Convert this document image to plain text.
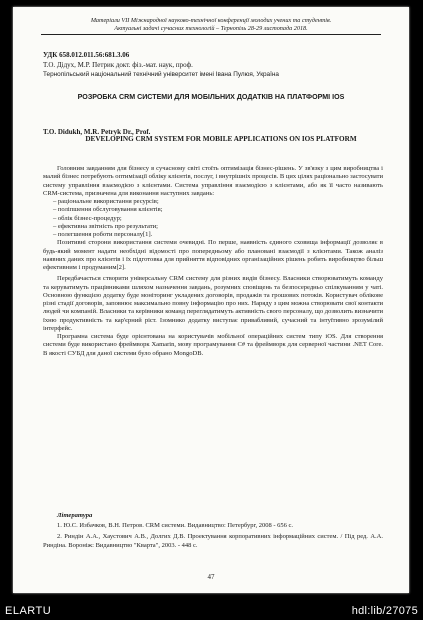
Матеріали VII Міжнародної науково-технічної конференції молодих учених та студентів.
Актуальні задачі сучасних технологій – Тернопіль 28-29 листопада 2018.
УДК 658.012.011.56:681.3.06
Т.О. Дідух, М.Р. Петрик докт. фіз.-мат. наук, проф.
Тернопільський національний технічний університет імені Івана Пулюя, Україна
РОЗРОБКА CRM СИСТЕМИ ДЛЯ МОБІЛЬНИХ ДОДАТКІВ НА ПЛАТФОРМІ IOS
T.O. Didukh, M.R. Petryk Dr., Prof.
DEVELOPING CRM SYSTEM FOR MOBILE APPLICATIONS ON IOS PLATFORM

Головним завданням для бізнесу в сучасному світі стоїть оптимізація бізнес-рішень. У зв'язку з цим виробництва і малий бізнес потребують оптимізації обліку клієнтів, послуг, і внутрішніх процесів. В цих цілях раціонально застосувати систему управління взаємодією з клієнтами. Система управління взаємодією з клієнтами, або як її часто називають CRM-система, призначена для виконання наступних завдань:

– раціональне використання ресурсів;
– поліпшення обслуговування клієнтів;
– облік бізнес-процедур;
– ефективна звітність про результати;
– полегшення роботи персоналу[1].

Позитивні сторони використання системи очевидні. По перше, наявність єдиного сховища інформації дозволяє в будь-який момент надати необхідні відомості про попередньому або плановані взаємодії з клієнтами. Також аналіз наявних даних про клієнтів і їх підготовка для прийняття відповідних організаційних рішень робить виробництво більш ефективним і продуманим[2].

Передбачається створити універсальну CRM систему для різних видів бізнесу. Власники створюватимуть команду та керуватимуть працівниками шляхом назначення завдань, розумних сповіщень та безпосередньо спілкуванням у чаті. Основною функцією додатку буде моніторинг укладених договорів, продажів та грошових потоків. Користувач облікове різні стадії договорів, заповнює максимально повну інформацію про них. Наряду з цим можна створювати свої контакти людей чи компаній. Власники та керівники команд переглядатимуть активність свого персоналу, що дозволить визначити їхню продуктивність та кар'єрний ріст. Ізомнико додатку виступає привабливий, сучасний та інтуїтивно зрозумілий інтерфейс.

Програмна система буде орієнтована на користувачів мобільної операційних систем типу iOS. Для створення системи буде використано фреймворк Xamarin, мову програмування C# та фреймворк для серверної частини .NET Core. В якості СУБД для даної системи було обрано MongoDB.

Література

1. Ю.С. Избачков, В.Н. Петров. CRM системи. Видавництво: Петербург, 2008 - 656 с.

2. Риндін А.А., Хаустович А.В., Долгих Д.В. Проектування корпоративних інформаційних систем. / Під ред. А.А. Риндіна. Вороніж: Видавництво "Кварта", 2003. - 448 с.

47
ELARTU	hdl:lib/27075
